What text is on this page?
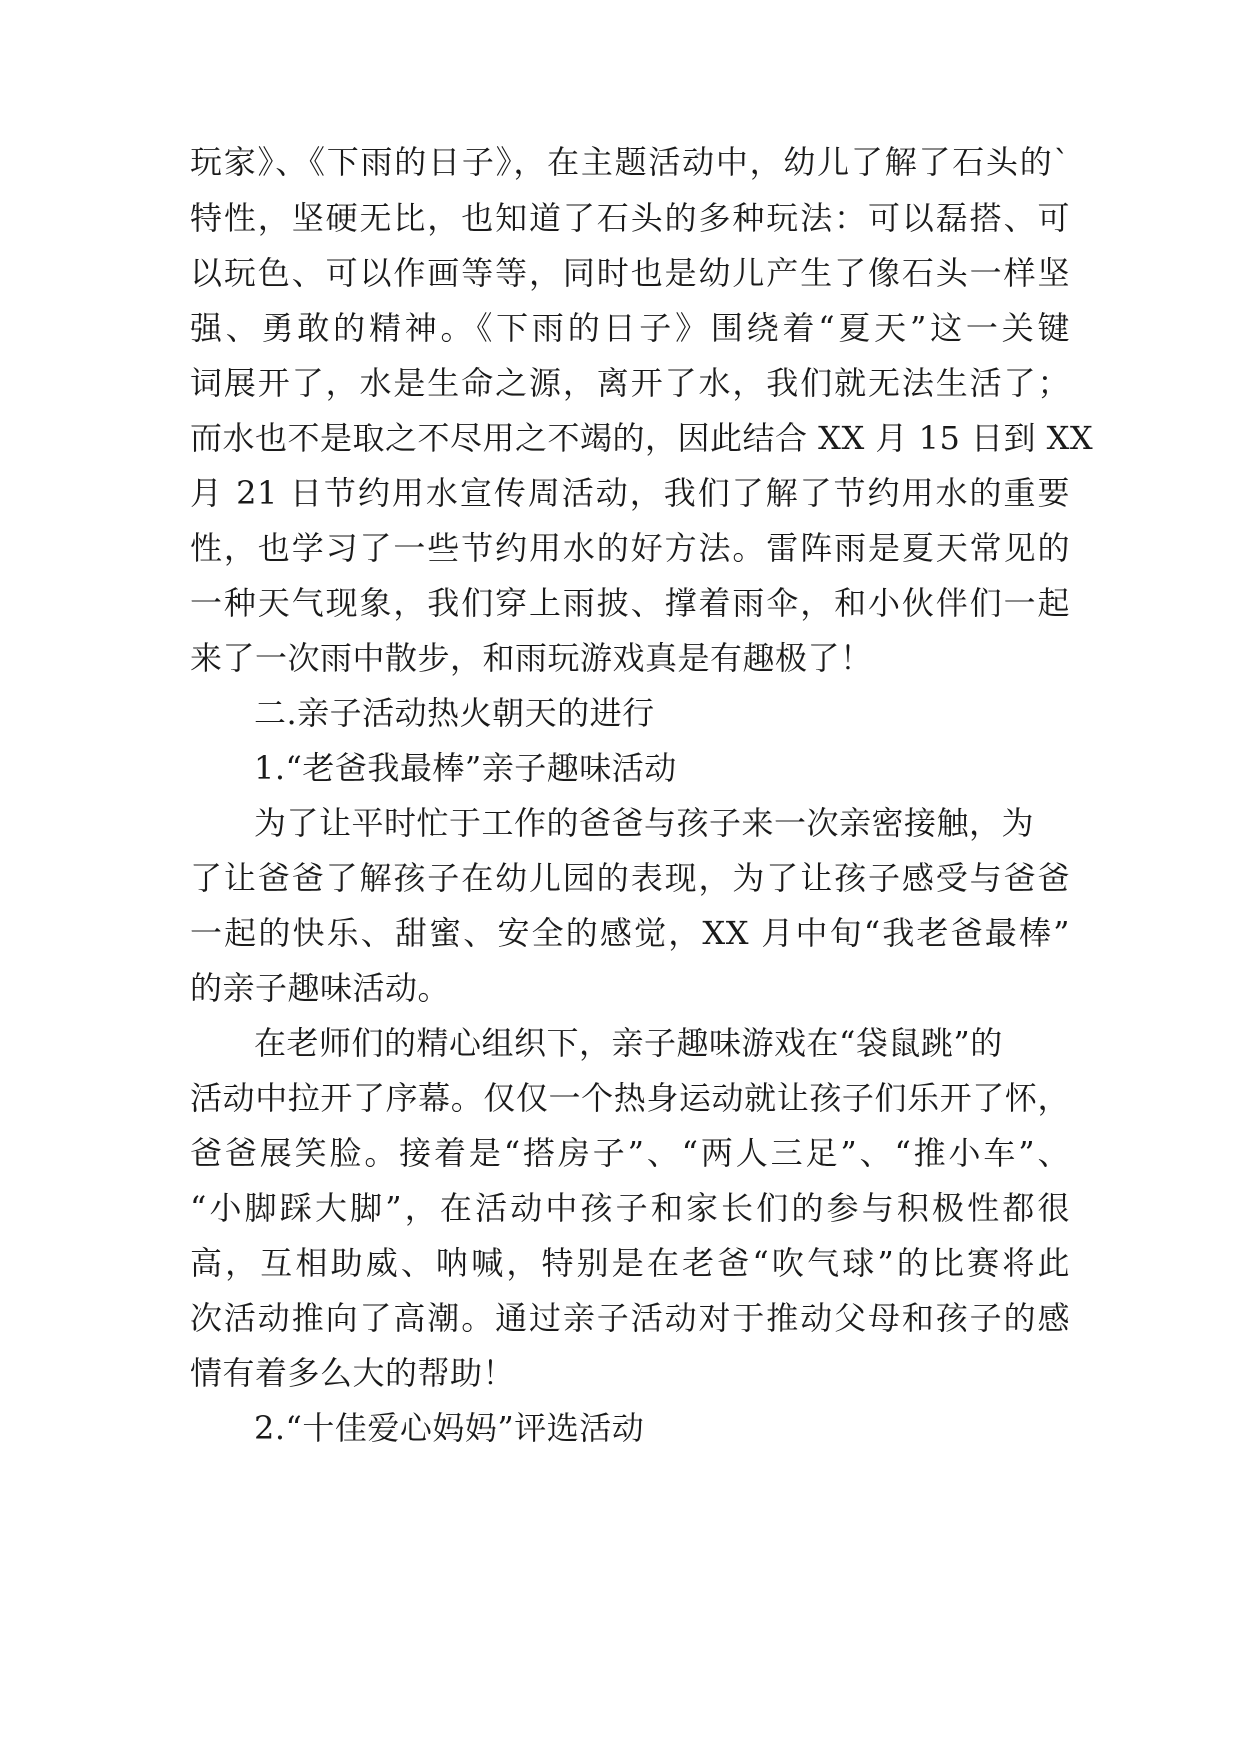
玩家》、《下雨的日子》，在主题活动中，幼儿了解了石头的`
特性，坚硬无比，也知道了石头的多种玩法：可以磊搭、可
以玩色、可以作画等等，同时也是幼儿产生了像石头一样坚
强、勇敢的精神。《下雨的日子》围绕着“夏天”这一关键
词展开了，水是生命之源，离开了水，我们就无法生活了；
而水也不是取之不尽用之不竭的，因此结合 XX 月 15 日到 XX
月 21 日节约用水宣传周活动，我们了解了节约用水的重要
性，也学习了一些节约用水的好方法。雷阵雨是夏天常见的
一种天气现象，我们穿上雨披、撑着雨伞，和小伙伴们一起
来了一次雨中散步，和雨玩游戏真是有趣极了！
二.亲子活动热火朝天的进行
1.“老爸我最棒”亲子趣味活动
为了让平时忙于工作的爸爸与孩子来一次亲密接触，为
了让爸爸了解孩子在幼儿园的表现，为了让孩子感受与爸爸
一起的快乐、甜蜜、安全的感觉，XX 月中旬“我老爸最棒”
的亲子趣味活动。
在老师们的精心组织下，亲子趣味游戏在“袋鼠跳”的
活动中拉开了序幕。仅仅一个热身运动就让孩子们乐开了怀，
爸爸展笑脸。接着是“搭房子”、“两人三足”、“推小车”、
“小脚踩大脚”，在活动中孩子和家长们的参与积极性都很
高，互相助威、呐喊，特别是在老爸“吹气球”的比赛将此
次活动推向了高潮。通过亲子活动对于推动父母和孩子的感
情有着多么大的帮助！
2.“十佳爱心妈妈”评选活动
